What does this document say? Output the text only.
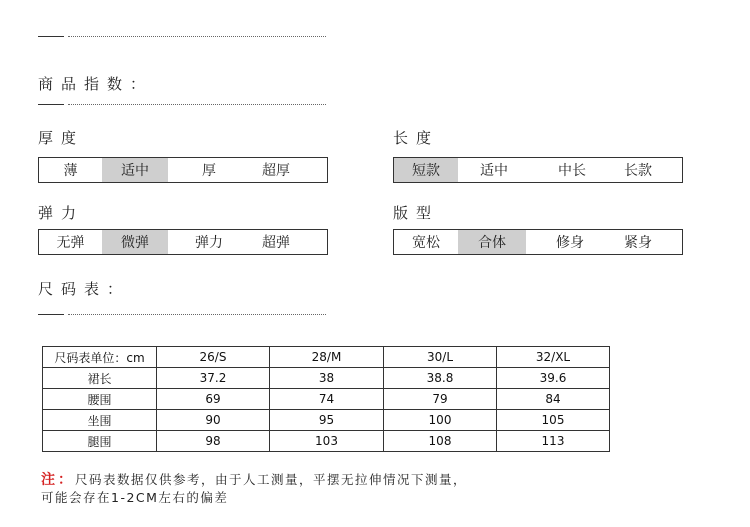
商品指数：
厚度
薄	适中	厚	超厚
长度
短款	适中	中长	长款
弹力
无弹	微弹	弹力	超弹
版型
宽松	合体	修身	紧身
尺码表：
尺码表单位：cm	26/S	28/M	30/L	32/XL
裙长	37.2	38	38.8	39.6
腰围	69	74	79	84
坐围	90	95	100	105
腿围	98	103	108	113
注：尺码表数据仅供参考，由于人工测量，平摆无拉伸情况下测量，
可能会存在1-2CM左右的偏差
